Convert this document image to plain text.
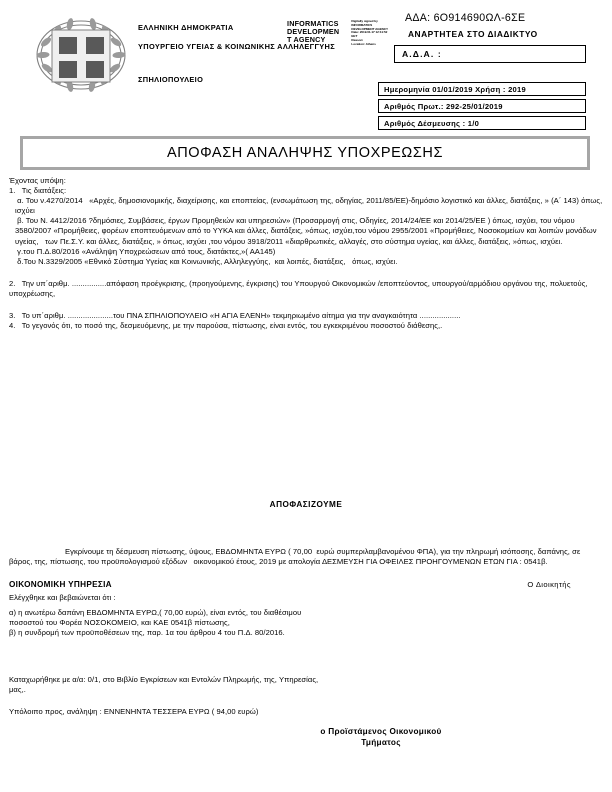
ΕΛΛΗΝΙΚΗ ΔΗΜΟΚΡΑΤΙΑ
ΥΠΟΥΡΓΕΙΟ ΥΓΕΙΑΣ & ΚΟΙΝΩΝΙΚΗΣ ΑΛΛΗΛΕΓΓΥΗΣ
ΣΠΗΛΙΟΠΟΥΛΕΙΟ
INFORMATICS
DEVELOPMEN
T AGENCY
Digitally signed by
INFORMATICS
DEVELOPMENT AGENCY
Date: 2019.01.17 12:11:52
EET
Reason:
Location: Athens
ΑΔΑ: 6Ο914690ΩΛ-6ΣΕ
ΑΝΑΡΤΗΤΕΑ ΣΤΟ ΔΙΑΔΙΚΤΥΟ
Α.Δ.Α. :
Ημερομηνία 01/01/2019 Χρήση : 2019
Αριθμός Πρωτ.: 292-25/01/2019
Αριθμός Δέσμευσης : 1/0
ΑΠΟΦΑΣΗ ΑΝΑΛΗΨΗΣ ΥΠΟΧΡΕΩΣΗΣ
Έχοντας υπόψη:
1.   Τις διατάξεις:
α. Του ν.4270/2014   «Αρχές, δημοσιονομικής, διαχείρισης, και εποπτείας, (ενσωμάτωση της, οδηγίας, 2011/85/ΕΕ)-δημόσιο λογιστικό και άλλες, διατάξεις, » (Α΄ 143) όπως, ισχύει
β. Του Ν. 4412/2016 ?δημόσιες, Συμβάσεις, έργων Προμηθειών και υπηρεσιών» (Προσαρμογή στις, Οδηγίες, 2014/24/ΕΕ και 2014/25/ΕΕ ) όπως, ισχύει, του νόμου 3580/2007 «Προμήθειες, φορέων εποπτευόμενων από το ΥΥΚΑ και άλλες, διατάξεις, »όπως, ισχύει,του νόμου 2955/2001 «Προμήθειες, Νοσοκομείων και λοιπών μονάδων υγείας,   των Πε.Σ.Υ. και άλλες, διατάξεις, » όπως, ισχύει ,του νόμου 3918/2011 «διαρθρωτικές, αλλαγές, στο σύστημα υγείας, και άλλες, διατάξεις, »όπως, ισχύει.
γ.του Π.Δ.80/2016 «Ανάληψη Υποχρεώσεων από τους, διατάκτες,»( ΑΑ145)
δ.Του Ν.3329/2005 «Εθνικό Σύστημα Υγείας και Κοινωνικής, Αλληλεγγύης,  και λοιπές, διατάξεις,   όπως, ισχύει.
2.   Την υπ΄αριθμ. ................απόφαση προέγκρισης, (προηγούμενης, έγκρισης) του Υπουργού Οικονομικών /εποπτεύοντος, υπουργού/αρμόδιου οργάνου της, πολυετούς, υποχρέωσης,
3.   Το υπ΄αριθμ. .....................του ΠΝΑ ΣΠΗΛΙΟΠΟΥΛΕΙΟ «Η ΑΓΙΑ ΕΛΕΝΗ» τεκμηριωμένο αίτημα για την αναγκαιότητα ...................
4.   Το γεγονός ότι, το ποσό της, δεσμευόμενης, με την παρούσα, πίστωσης, είναι εντός, του εγκεκριμένου ποσοστού διάθεσης,.
ΑΠΟΦΑΣΙΖΟΥΜΕ

Εγκρίνουμε τη δέσμευση πίστωσης, ύψους, ΕΒΔΟΜΗΝΤΑ ΕΥΡΩ ( 70,00  ευρώ συμπεριλαμβανομένου ΦΠΑ), για την πληρωμή ισόποσης, δαπάνης, σε βάρος, της, πίστωσης, του προϋπολογισμού εξόδων   οικονομικού έτους, 2019 με απολογία ΔΕΣΜΕΥΣΗ ΓΙΑ ΟΦΕΙΛΕΣ ΠΡΟΗΓΟΥΜΕΝΩΝ ΕΤΩΝ ΓΙΑ : 0541β.

ΟΙΚΟΝΟΜΙΚΗ ΥΠΗΡΕΣΙΑ	Ο Διοικητής
Ελέγχθηκε και βεβαιώνεται ότι :
α) η ανωτέρω δαπάνη ΕΒΔΟΜΗΝΤΑ ΕΥΡΩ,( 70,00 ευρώ), είναι εντός, του διαθέσιμου ποσοστού του Φορέα ΝΟΣΟΚΟΜΕΙΟ, και ΚΑΕ 0541β πίστωσης,
β) η συνδρομή των προϋποθέσεων της, παρ. 1α του άρθρου 4 του Π.Δ. 80/2016.
Καταχωρήθηκε με α/α: 0/1, στο Βιβλίο Εγκρίσεων και Εντολών Πληρωμής, της, Υπηρεσίας, μας,.
Υπόλοιπο προς, ανάληψη : ΕΝΝΕΝΗΝΤΑ ΤΕΣΣΕΡΑ ΕΥΡΩ ( 94,00 ευρώ)
ο Προϊστάμενος Οικονομικού
Τμήματος
